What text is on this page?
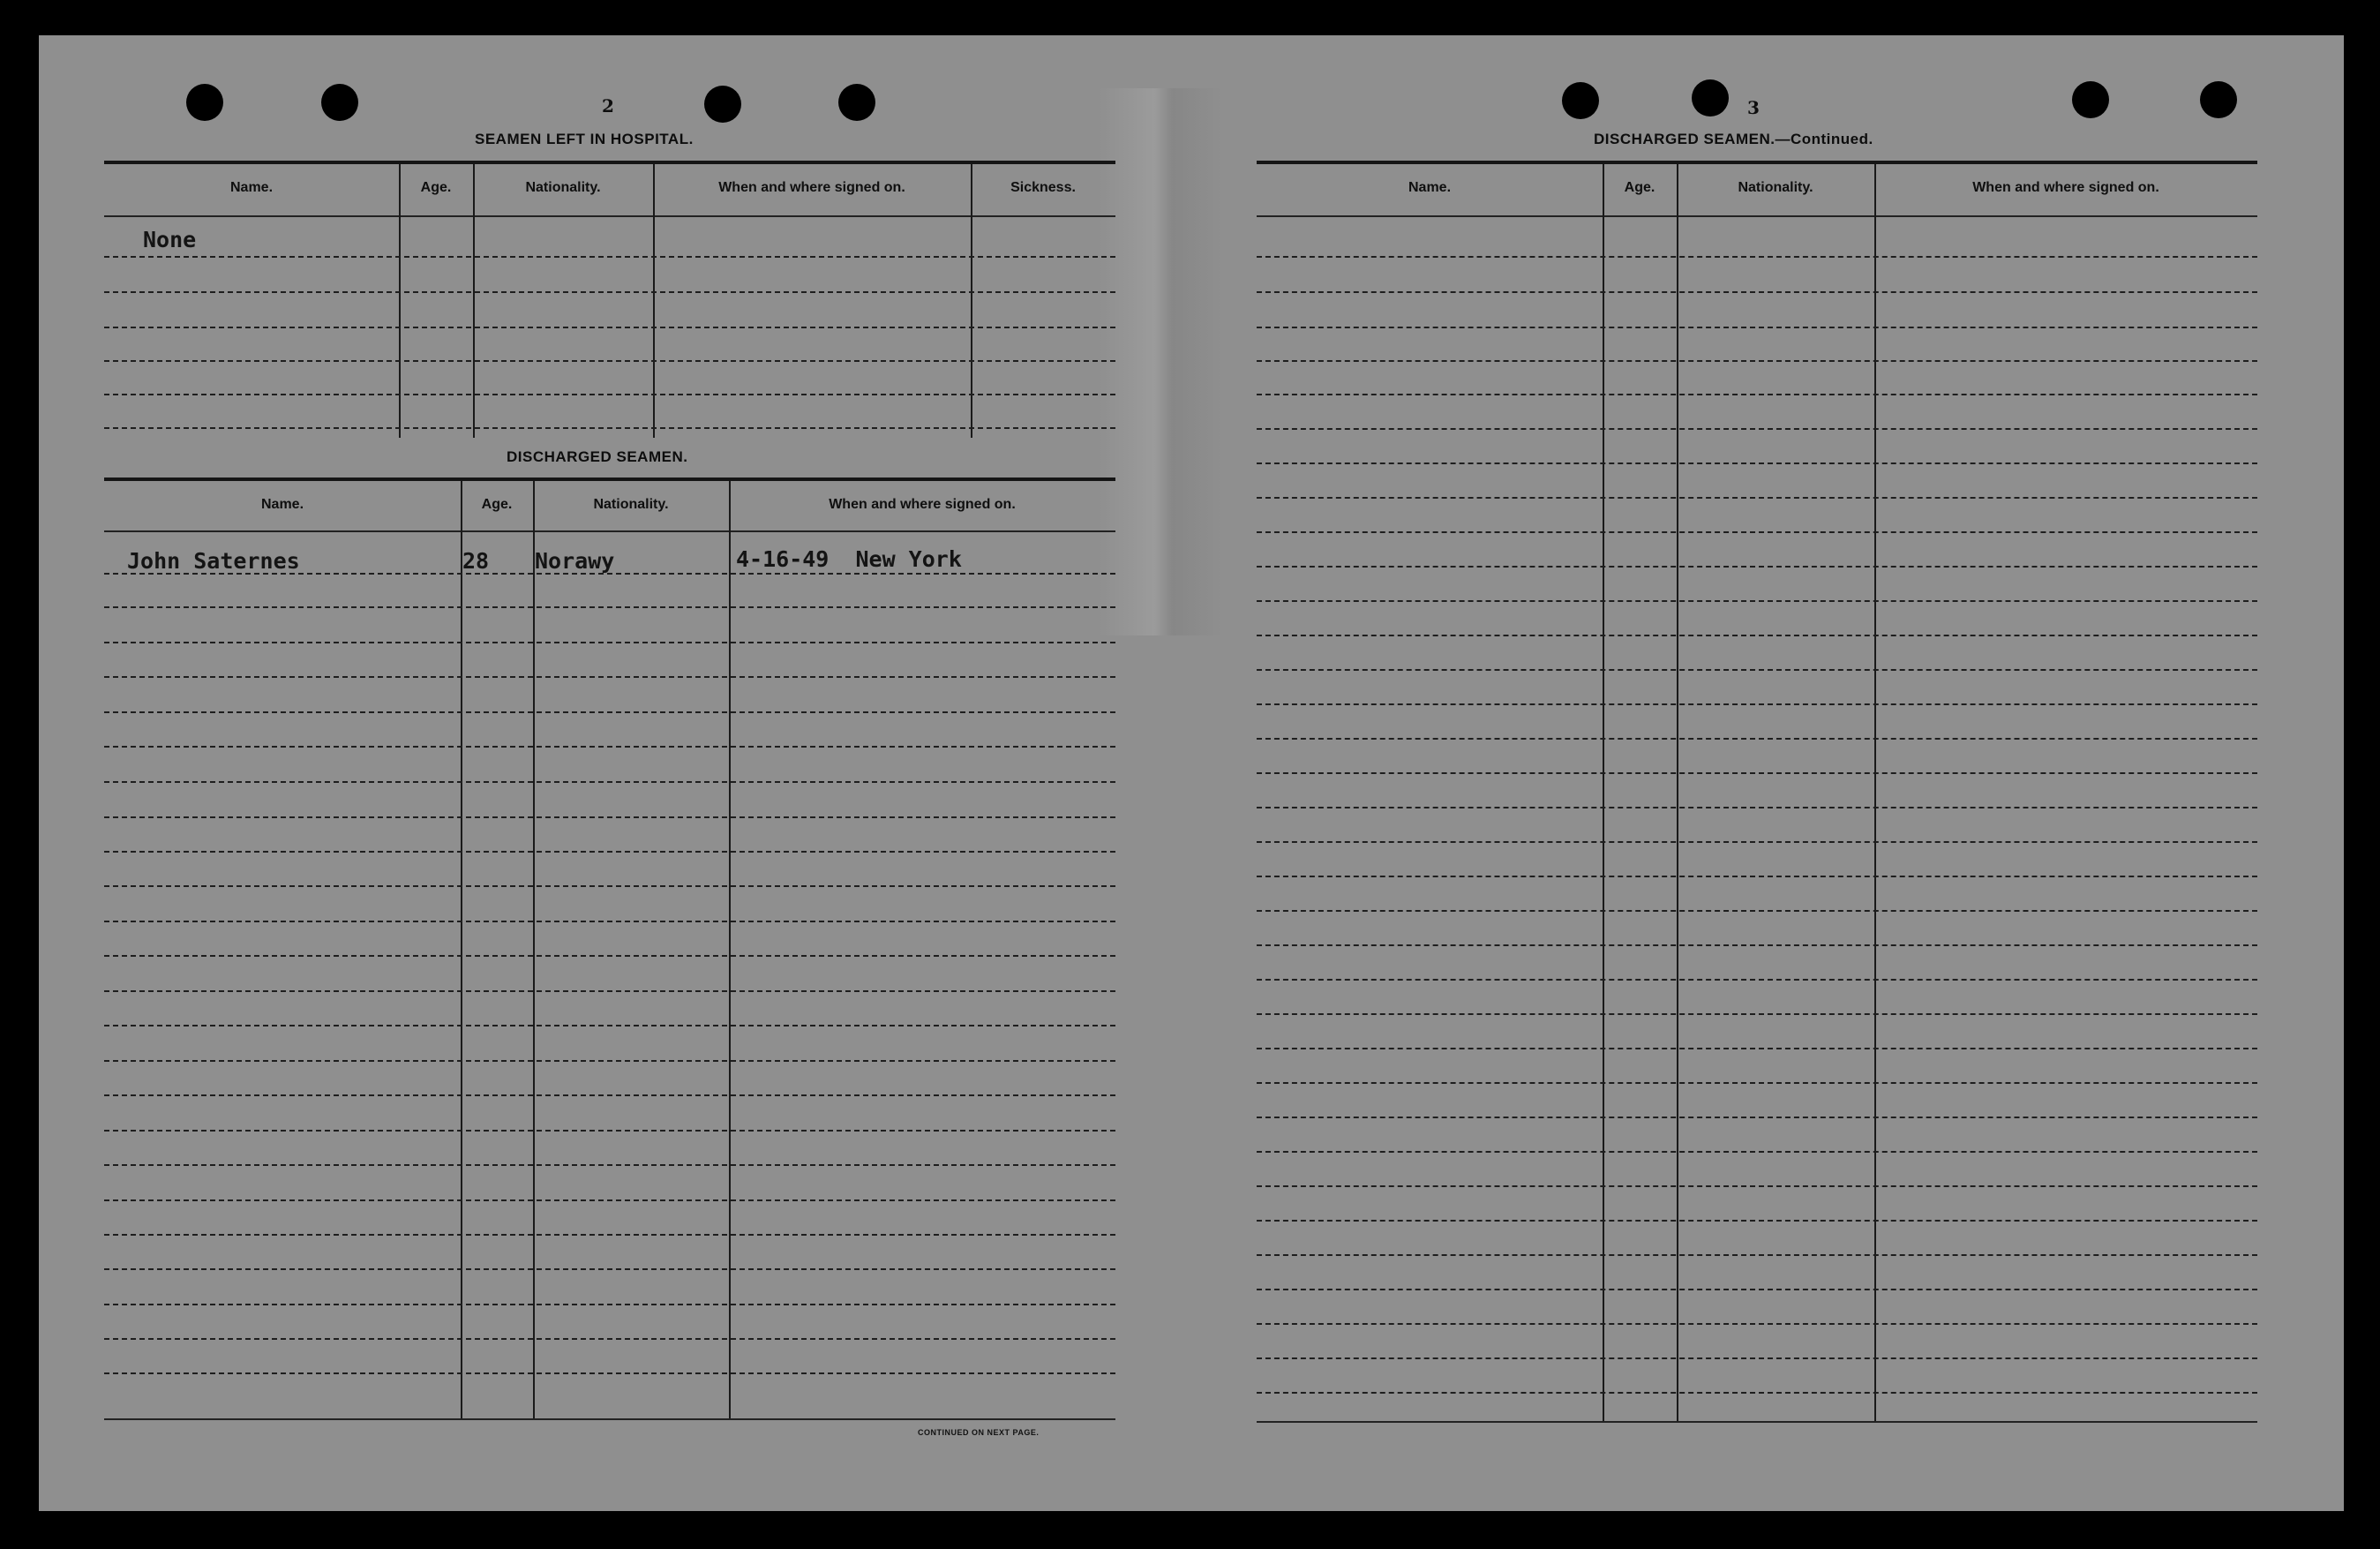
2
SEAMEN LEFT IN HOSPITAL.
Name.	Age.	Nationality.	When and where signed on.	Sickness.
None
DISCHARGED SEAMEN.
Name.	Age.	Nationality.	When and where signed on.
John Saternes	28 Norawy	4-16-49  New York
CONTINUED ON NEXT PAGE.
3
DISCHARGED SEAMEN.—Continued.
Name.	Age.	Nationality.	When and where signed on.
